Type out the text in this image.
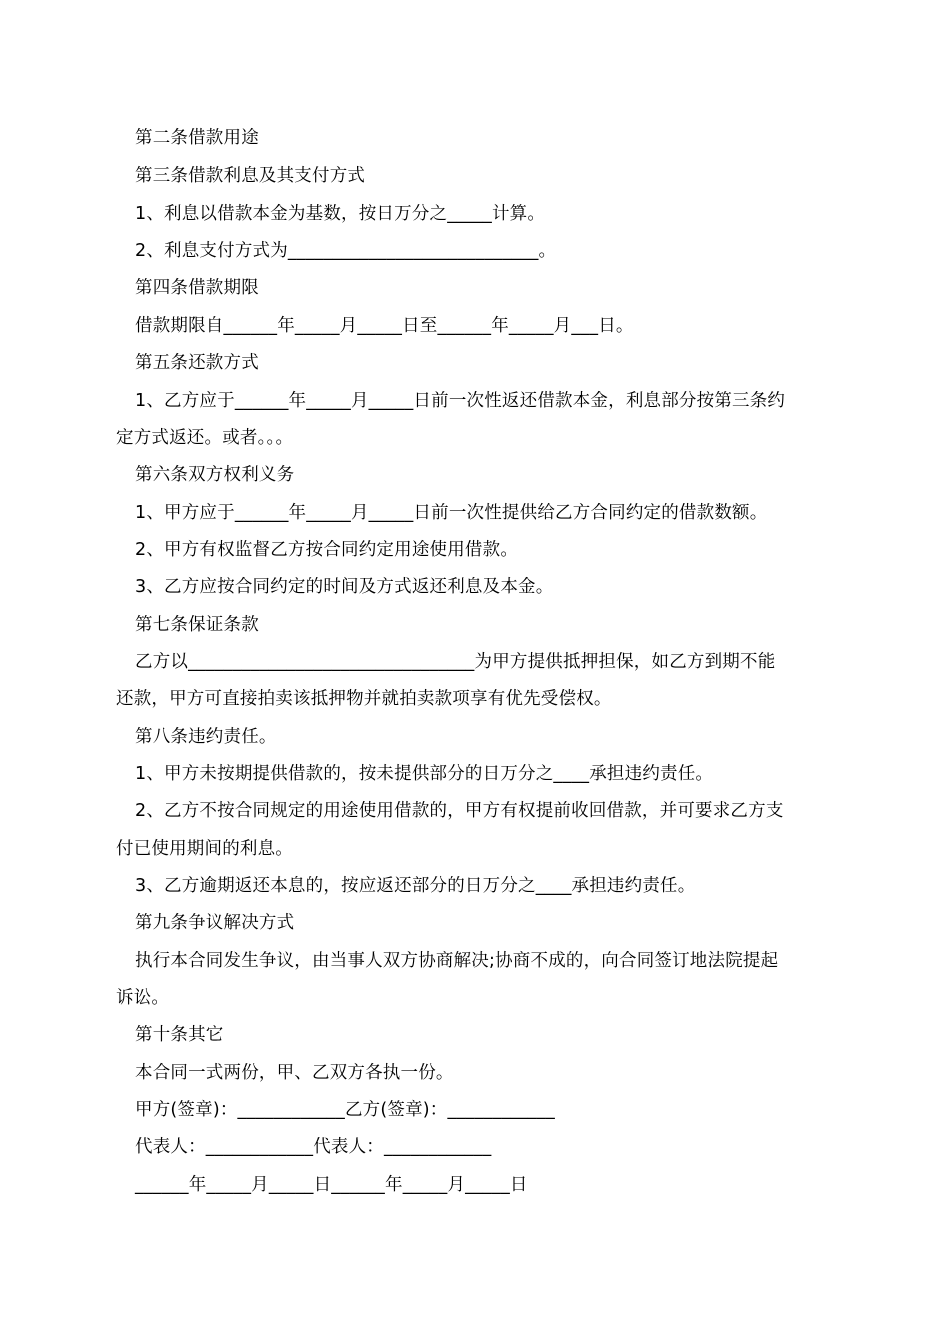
第二条借款用途
第三条借款利息及其支付方式
1、利息以借款本金为基数，按日万分之_____计算。
2、利息支付方式为____________________________。
第四条借款期限
借款期限自______年_____月_____日至______年_____月___日。
第五条还款方式
1、乙方应于______年_____月_____日前一次性返还借款本金，利息部分按第三条约
定方式返还。或者。。。
第六条双方权利义务
1、甲方应于______年_____月_____日前一次性提供给乙方合同约定的借款数额。
2、甲方有权监督乙方按合同约定用途使用借款。
3、乙方应按合同约定的时间及方式返还利息及本金。
第七条保证条款
乙方以________________________________为甲方提供抵押担保，如乙方到期不能
还款，甲方可直接拍卖该抵押物并就拍卖款项享有优先受偿权。
第八条违约责任。
1、甲方未按期提供借款的，按未提供部分的日万分之____承担违约责任。
2、乙方不按合同规定的用途使用借款的，甲方有权提前收回借款，并可要求乙方支
付已使用期间的利息。
3、乙方逾期返还本息的，按应返还部分的日万分之____承担违约责任。
第九条争议解决方式
执行本合同发生争议，由当事人双方协商解决;协商不成的，向合同签订地法院提起
诉讼。
第十条其它
本合同一式两份，甲、乙双方各执一份。
甲方(签章)：____________乙方(签章)：____________
代表人：____________代表人：____________
______年_____月_____日______年_____月_____日
